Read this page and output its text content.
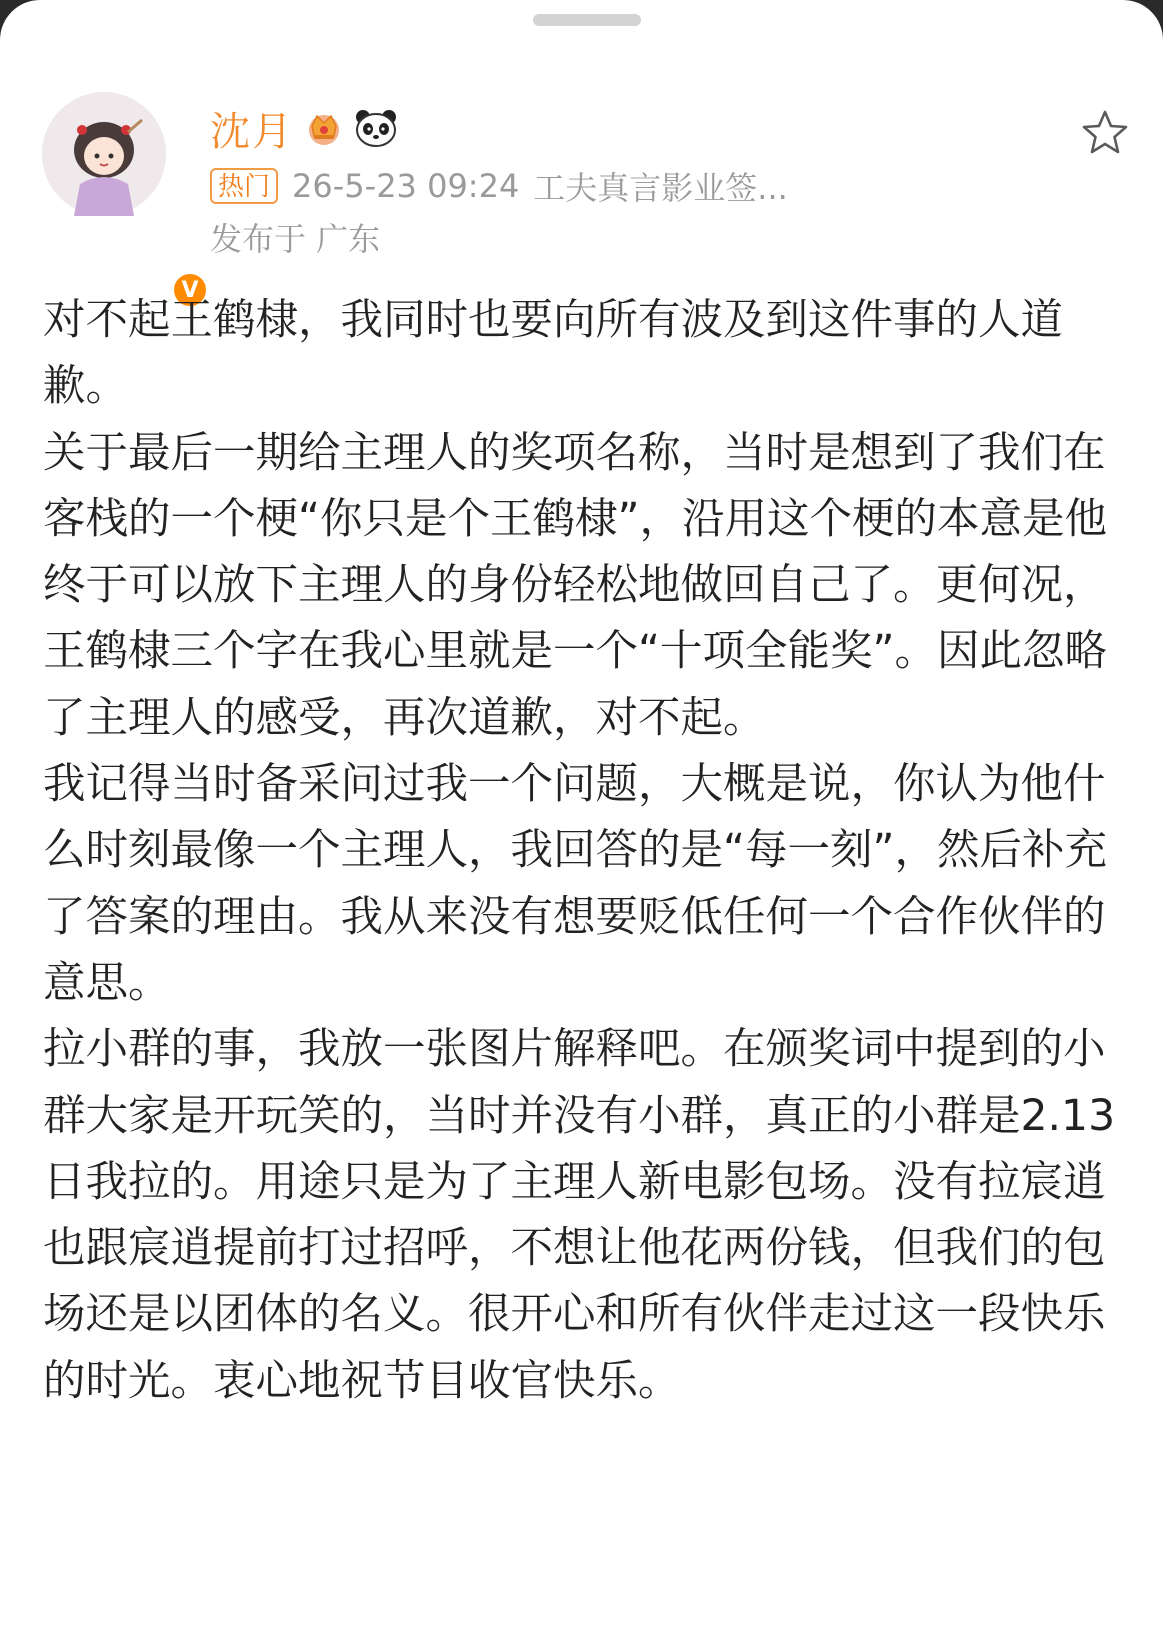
V
沈月
热门 26-5-23 09:24 工夫真言影业签...
发布于 广东
对不起王鹤棣，我同时也要向所有波及到这件事的人道歉。
关于最后一期给主理人的奖项名称，当时是想到了我们在客栈的一个梗“你只是个王鹤棣”，沿用这个梗的本意是他终于可以放下主理人的身份轻松地做回自己了。更何况，王鹤棣三个字在我心里就是一个“十项全能奖”。因此忽略了主理人的感受，再次道歉，对不起。
我记得当时备采问过我一个问题，大概是说，你认为他什么时刻最像一个主理人，我回答的是“每一刻”，然后补充了答案的理由。我从来没有想要贬低任何一个合作伙伴的意思。
拉小群的事，我放一张图片解释吧。在颁奖词中提到的小群大家是开玩笑的，当时并没有小群，真正的小群是2.13日我拉的。用途只是为了主理人新电影包场。没有拉宸逍也跟宸逍提前打过招呼，不想让他花两份钱，但我们的包场还是以团体的名义。很开心和所有伙伴走过这一段快乐的时光。衷心地祝节目收官快乐。
